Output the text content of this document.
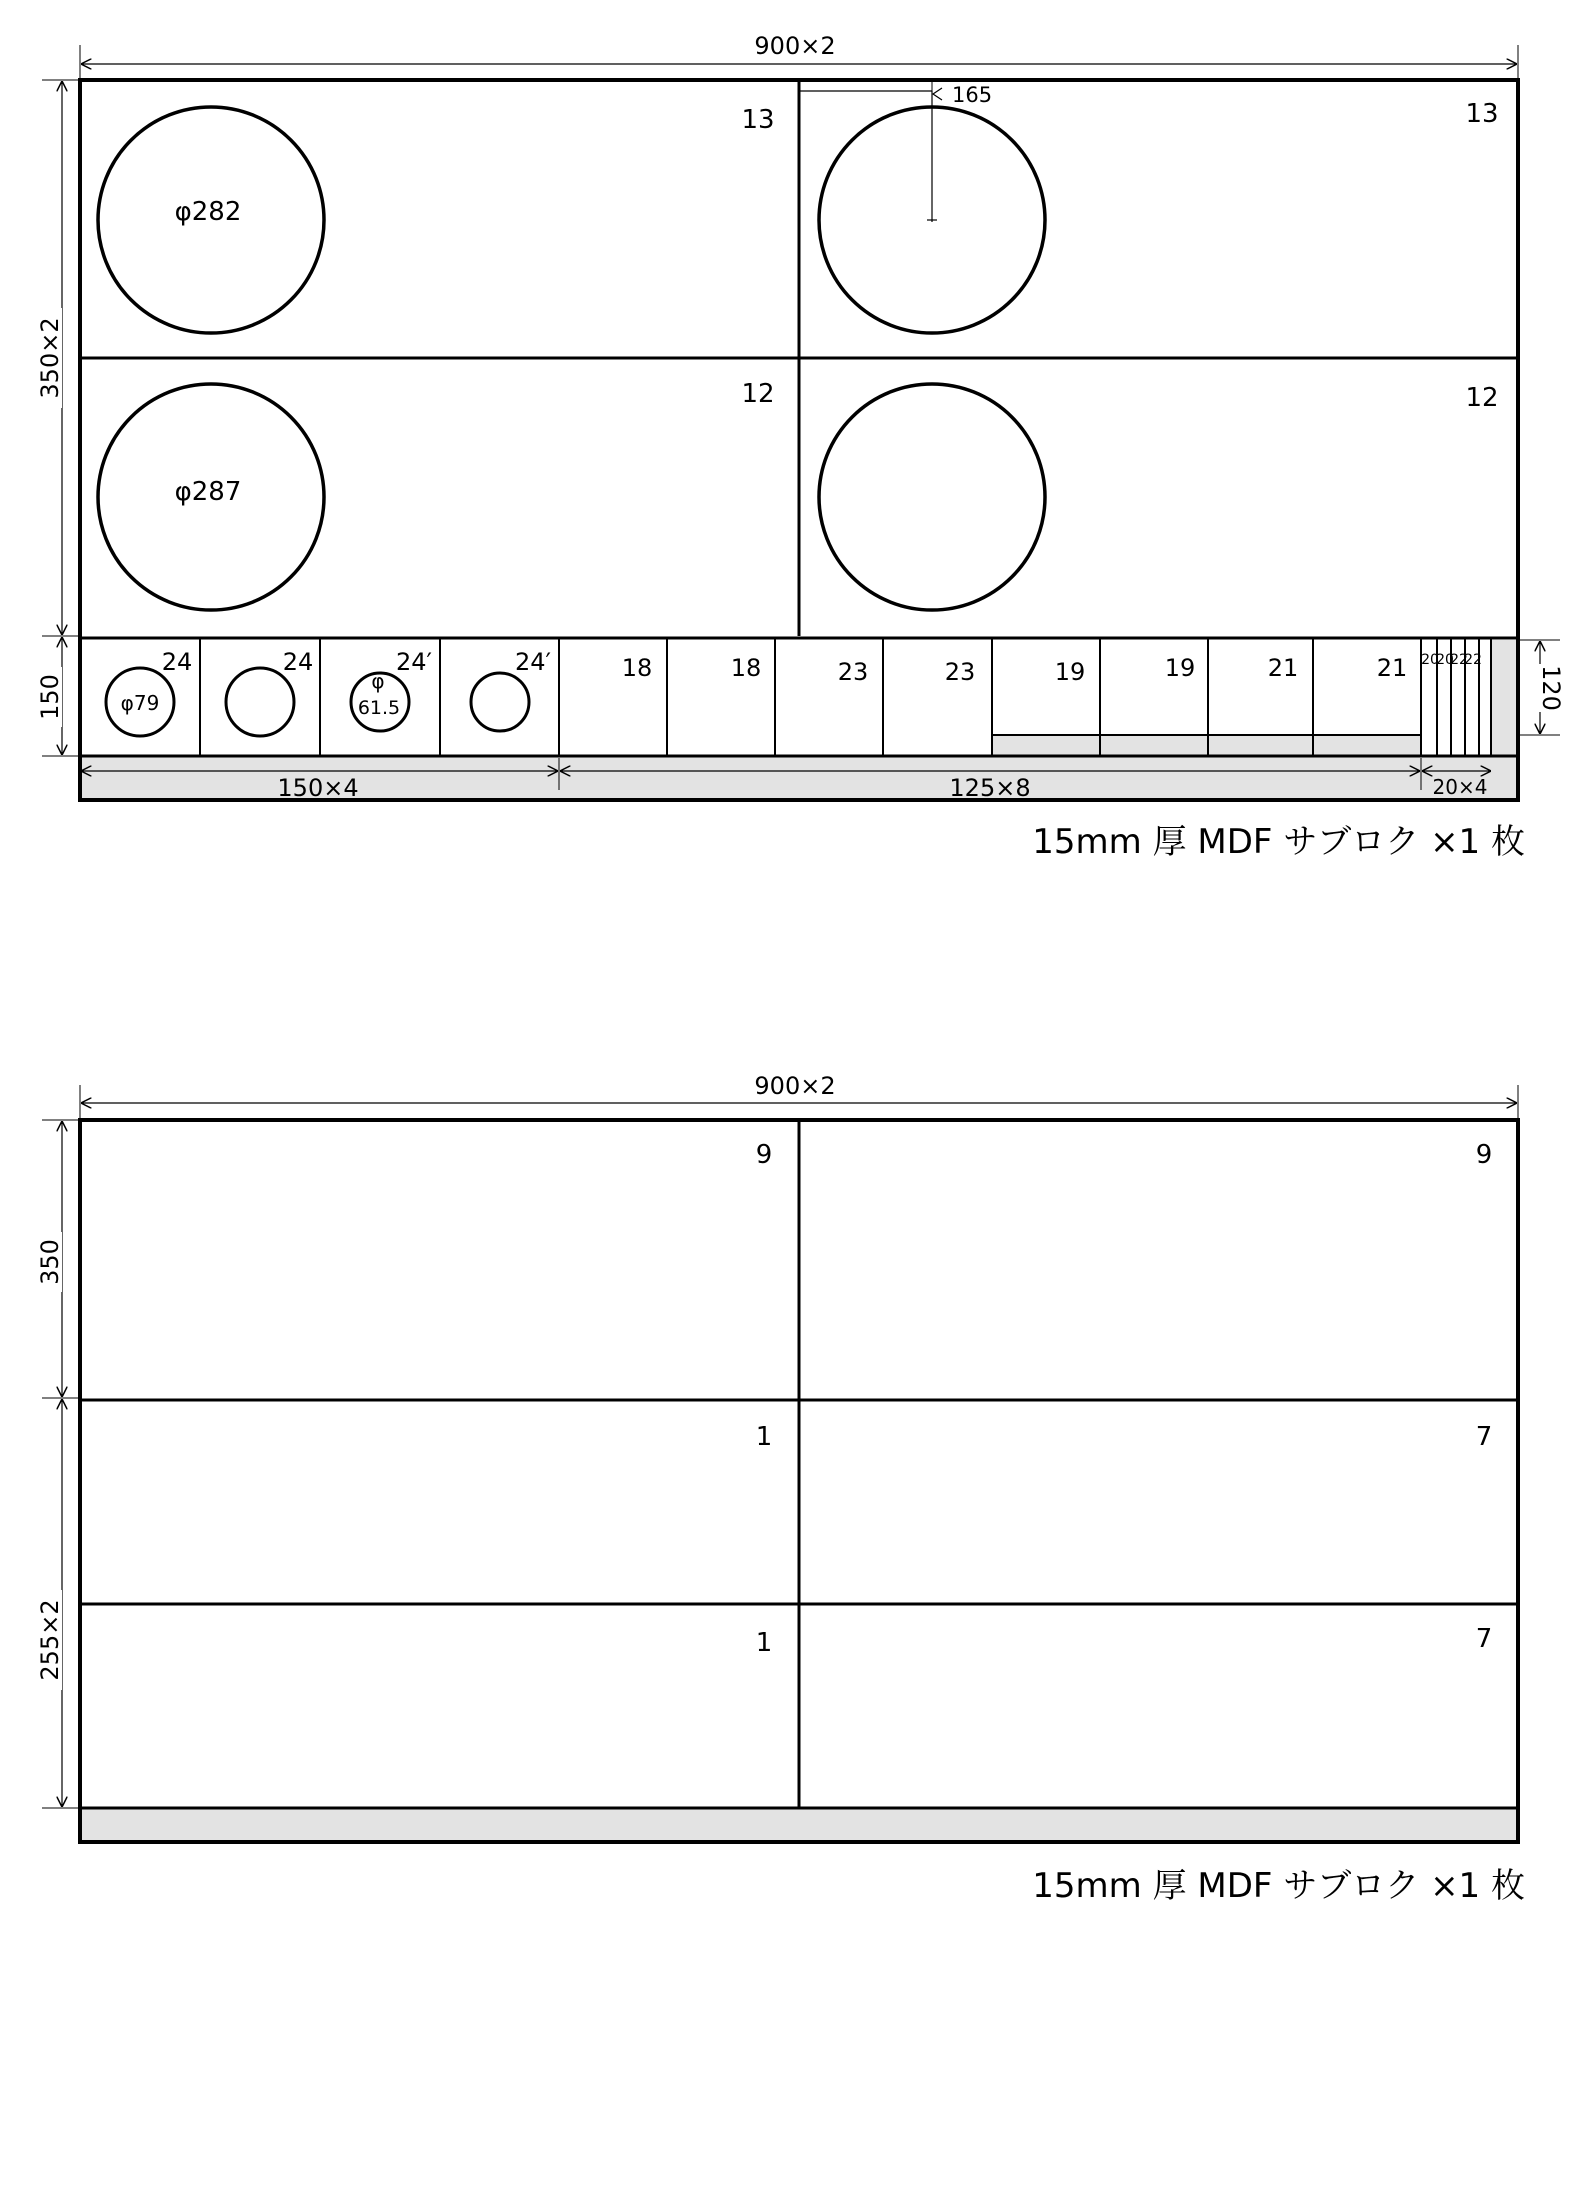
900×2
350×2
150	120
φ282
φ287
165
13	13
12	12
φ79
φ
61.5
24	24	24′	24′	18	18	23	23	19	19	21	21 20
20
22
22
150×4	125×8	20×4
15mm 厚 MDF サブロク ×1 枚
900×2
350
255×2
9	9
1	7
1	7
15mm 厚 MDF サブロク ×1 枚
